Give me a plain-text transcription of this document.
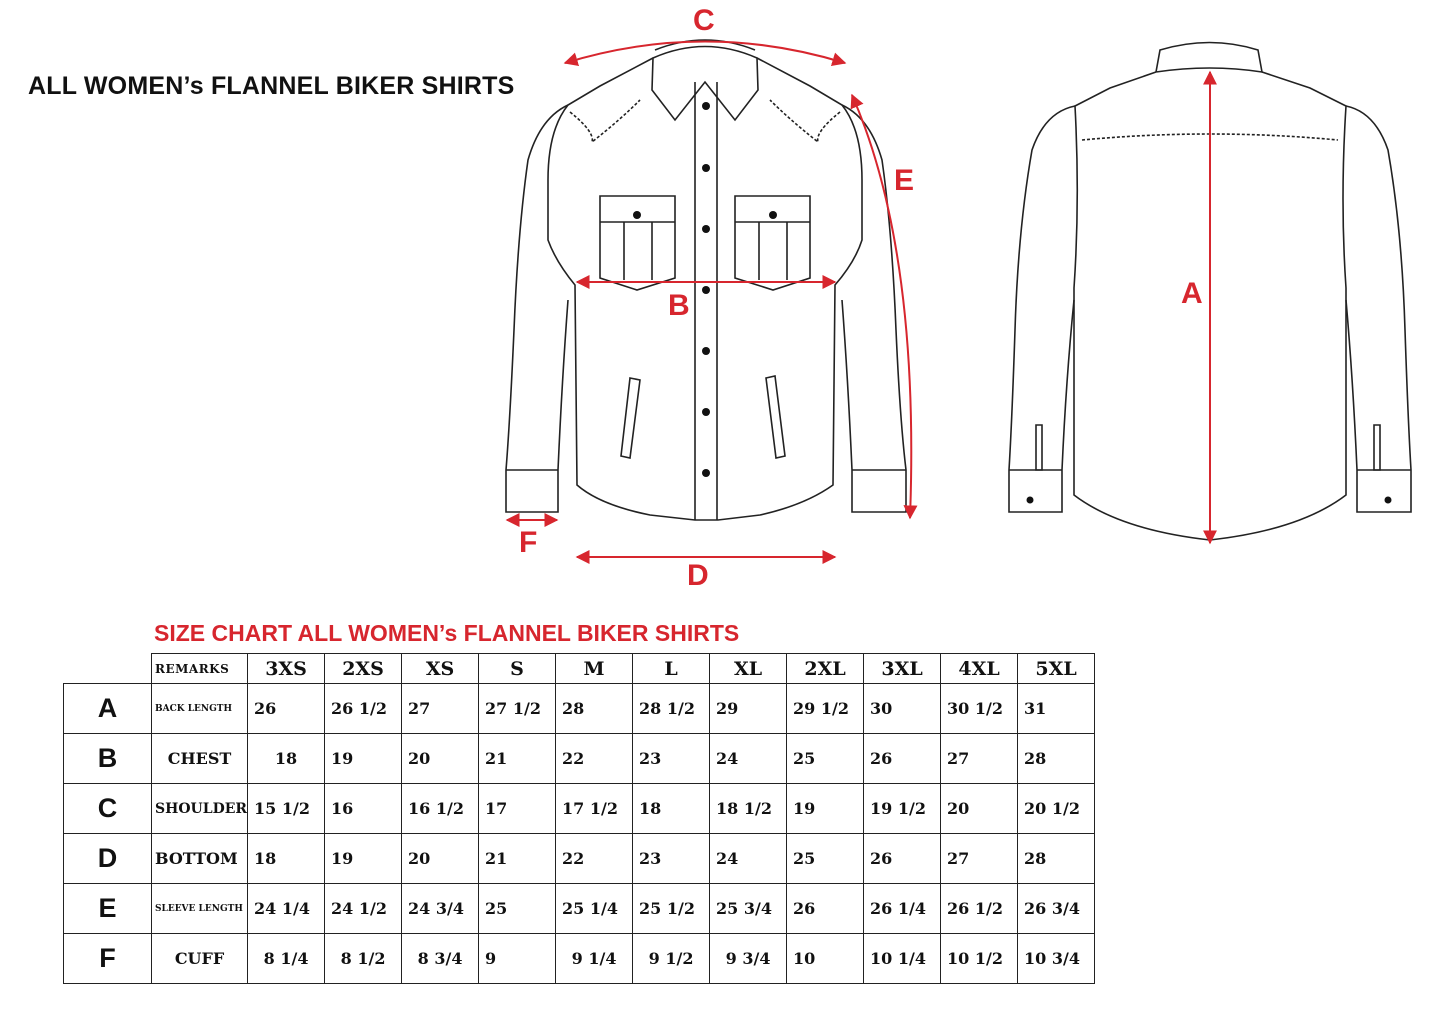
ALL WOMEN’s FLANNEL BIKER SHIRTS
C
E
B
D
F
A
SIZE CHART ALL WOMEN’s FLANNEL BIKER SHIRTS
	REMARKS	3XS	2XS	XS	S	M	L	XL	2XL	3XL	4XL	5XL
A	BACK LENGTH	26	26 1/2	27	27 1/2	28	28 1/2	29	29 1/2	30	30 1/2	31
B	CHEST	18	19	20	21	22	23	24	25	26	27	28
C	SHOULDER	15 1/2	16	16 1/2	17	17 1/2	18	18 1/2	19	19 1/2	20	20 1/2
D	BOTTOM	18	19	20	21	22	23	24	25	26	27	28
E	SLEEVE LENGTH	24 1/4	24 1/2	24 3/4	25	25 1/4	25 1/2	25 3/4	26	26 1/4	26 1/2	26 3/4
F	CUFF	8 1/4	8 1/2	8 3/4	9	9 1/4	9 1/2	9 3/4	10	10 1/4	10 1/2	10 3/4
